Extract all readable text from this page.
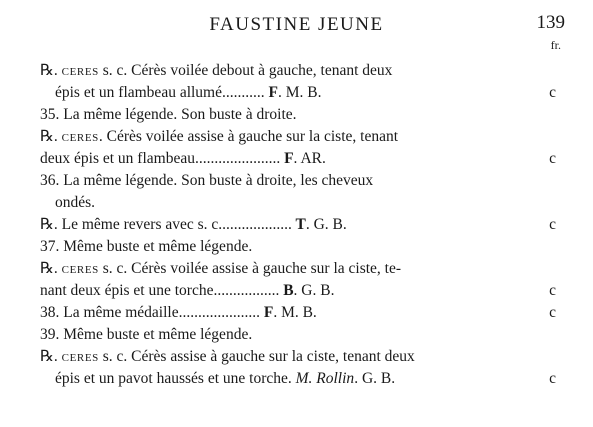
FAUSTINE JEUNE	139
fr.
℞. CERES s. c. Cérès voilée debout à gauche, tenant deux
épis et un flambeau allumé........... F. M. B.	c
35. La même légende. Son buste à droite.
℞. CERES. Cérès voilée assise à gauche sur la ciste, tenant
deux épis et un flambeau...................... F. AR.	c
36. La même légende. Son buste à droite, les cheveux
ondés.
℞. Le même revers avec s. c................... T. G. B.	c
37. Même buste et même légende.
℞. CERES s. c. Cérès voilée assise à gauche sur la ciste, te-
nant deux épis et une torche................. B. G. B.	c
38. La même médaille..................... F. M. B.	c
39. Même buste et même légende.
℞. CERES s. c. Cérès assise à gauche sur la ciste, tenant deux
épis et un pavot haussés et une torche. M. Rollin. G. B.	c
